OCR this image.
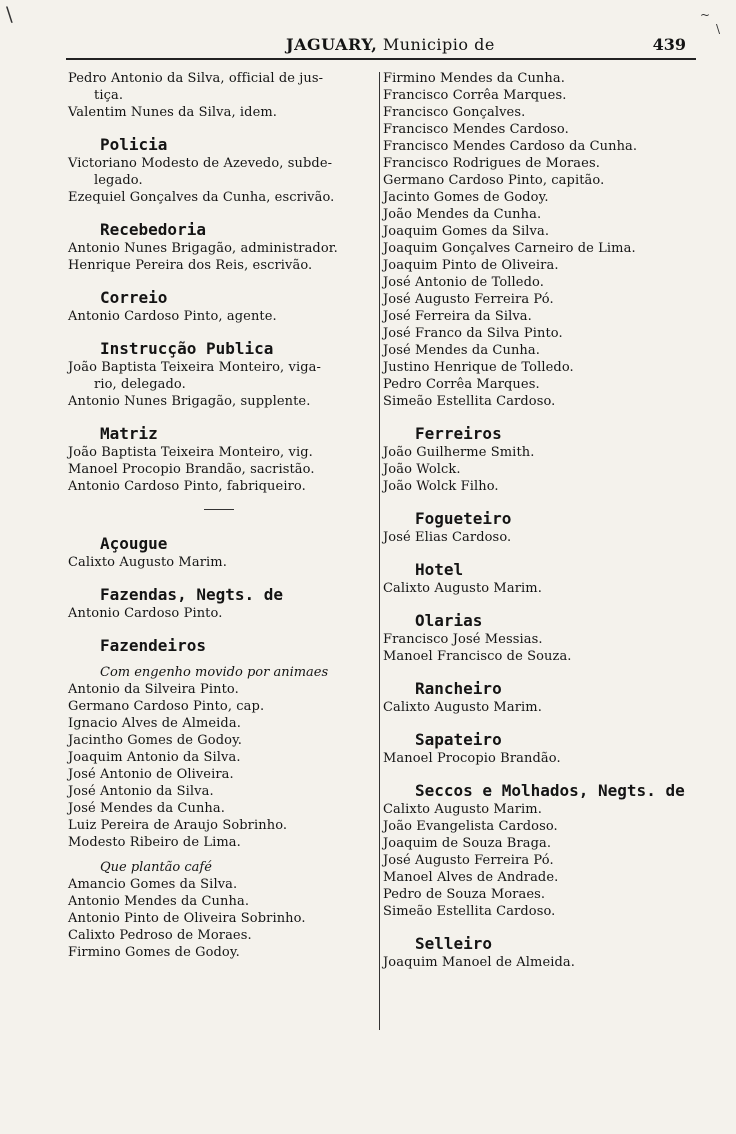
JAGUARY, Municipio de	439
Pedro Antonio da Silva, official de jus-
tiça.
Valentim Nunes da Silva, idem.
Policia
Victoriano Modesto de Azevedo, subde-
legado.
Ezequiel Gonçalves da Cunha, escrivão.
Recebedoria
Antonio Nunes Brigagão, administrador.
Henrique Pereira dos Reis, escrivão.
Correio
Antonio Cardoso Pinto, agente.
Instrucção Publica
João Baptista Teixeira Monteiro, viga-
rio, delegado.
Antonio Nunes Brigagão, supplente.
Matriz
João Baptista Teixeira Monteiro, vig.
Manoel Procopio Brandão, sacristão.
Antonio Cardoso Pinto, fabriqueiro.
Açougue
Calixto Augusto Marim.
Fazendas, Negts. de
Antonio Cardoso Pinto.
Fazendeiros
Com engenho movido por animaes
Antonio da Silveira Pinto.
Germano Cardoso Pinto, cap.
Ignacio Alves de Almeida.
Jacintho Gomes de Godoy.
Joaquim Antonio da Silva.
José Antonio de Oliveira.
José Antonio da Silva.
José Mendes da Cunha.
Luiz Pereira de Araujo Sobrinho.
Modesto Ribeiro de Lima.
Que plantão café
Amancio Gomes da Silva.
Antonio Mendes da Cunha.
Antonio Pinto de Oliveira Sobrinho.
Calixto Pedroso de Moraes.
Firmino Gomes de Godoy.
Firmino Mendes da Cunha.
Francisco Corrêa Marques.
Francisco Gonçalves.
Francisco Mendes Cardoso.
Francisco Mendes Cardoso da Cunha.
Francisco Rodrigues de Moraes.
Germano Cardoso Pinto, capitão.
Jacinto Gomes de Godoy.
João Mendes da Cunha.
Joaquim Gomes da Silva.
Joaquim Gonçalves Carneiro de Lima.
Joaquim Pinto de Oliveira.
José Antonio de Tolledo.
José Augusto Ferreira Pó.
José Ferreira da Silva.
José Franco da Silva Pinto.
José Mendes da Cunha.
Justino Henrique de Tolledo.
Pedro Corrêa Marques.
Simeão Estellita Cardoso.
Ferreiros
João Guilherme Smith.
João Wolck.
João Wolck Filho.
Fogueteiro
José Elias Cardoso.
Hotel
Calixto Augusto Marim.
Olarias
Francisco José Messias.
Manoel Francisco de Souza.
Rancheiro
Calixto Augusto Marim.
Sapateiro
Manoel Procopio Brandão.
Seccos e Molhados, Negts. de
Calixto Augusto Marim.
João Evangelista Cardoso.
Joaquim de Souza Braga.
José Augusto Ferreira Pó.
Manoel Alves de Andrade.
Pedro de Souza Moraes.
Simeão Estellita Cardoso.
Selleiro
Joaquim Manoel de Almeida.
\	~
\
